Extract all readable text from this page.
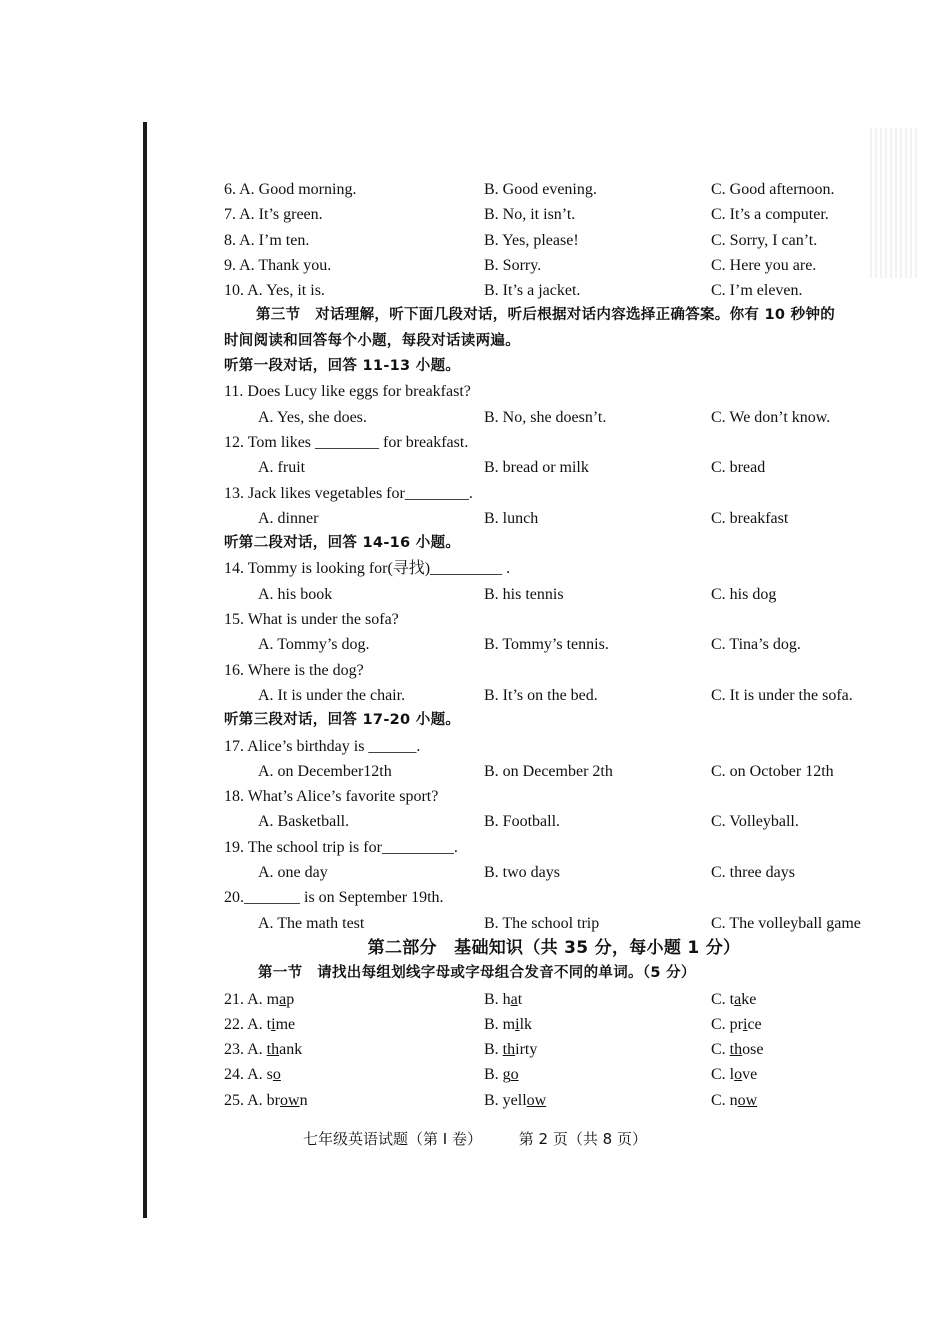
6. A. Good morning.	B. Good evening.	C. Good afternoon.
7. A. It’s green.	B. No, it isn’t.	C. It’s a computer.
8. A. I’m ten.	B. Yes, please!	C. Sorry, I can’t.
9. A. Thank you.	B. Sorry.	C. Here you are.
10. A. Yes, it is.	B. It’s a jacket.	C. I’m eleven.
第三节　对话理解，听下面几段对话，听后根据对话内容选择正确答案。你有 10 秒钟的
时间阅读和回答每个小题，每段对话读两遍。
听第一段对话，回答 11-13 小题。
11. Does Lucy like eggs for breakfast?
A. Yes, she does.	B. No, she doesn’t.	C. We don’t know.
12. Tom likes ________ for breakfast.
A. fruit	B. bread or milk	C. bread
13. Jack likes vegetables for________.
A. dinner	B. lunch	C. breakfast
听第二段对话，回答 14-16 小题。
14. Tommy is looking for(寻找)_________ .
A. his book	B. his tennis	C. his dog
15. What is under the sofa?
A. Tommy’s dog.	B. Tommy’s tennis.	C. Tina’s dog.
16. Where is the dog?
A. It is under the chair.	B. It’s on the bed.	C. It is under the sofa.
听第三段对话，回答 17-20 小题。
17. Alice’s birthday is ______.
A. on December12th	B. on December 2th	C. on October 12th
18. What’s Alice’s favorite sport?
A. Basketball.	B. Football.	C. Volleyball.
19. The school trip is for_________.
A. one day	B. two days	C. three days
20._______ is on September 19th.
A. The math test	B. The school trip	C. The volleyball game
第二部分　基础知识（共 35 分，每小题 1 分）
第一节　请找出每组划线字母或字母组合发音不同的单词。（5 分）
21. A. map	B. hat	C. take
22. A. time	B. milk	C. price
23. A. thank	B. thirty	C. those
24. A. so	B. go	C. love
25. A. brown	B. yellow	C. now
七年级英语试题（第 I 卷） 第 2 页（共 8 页）
